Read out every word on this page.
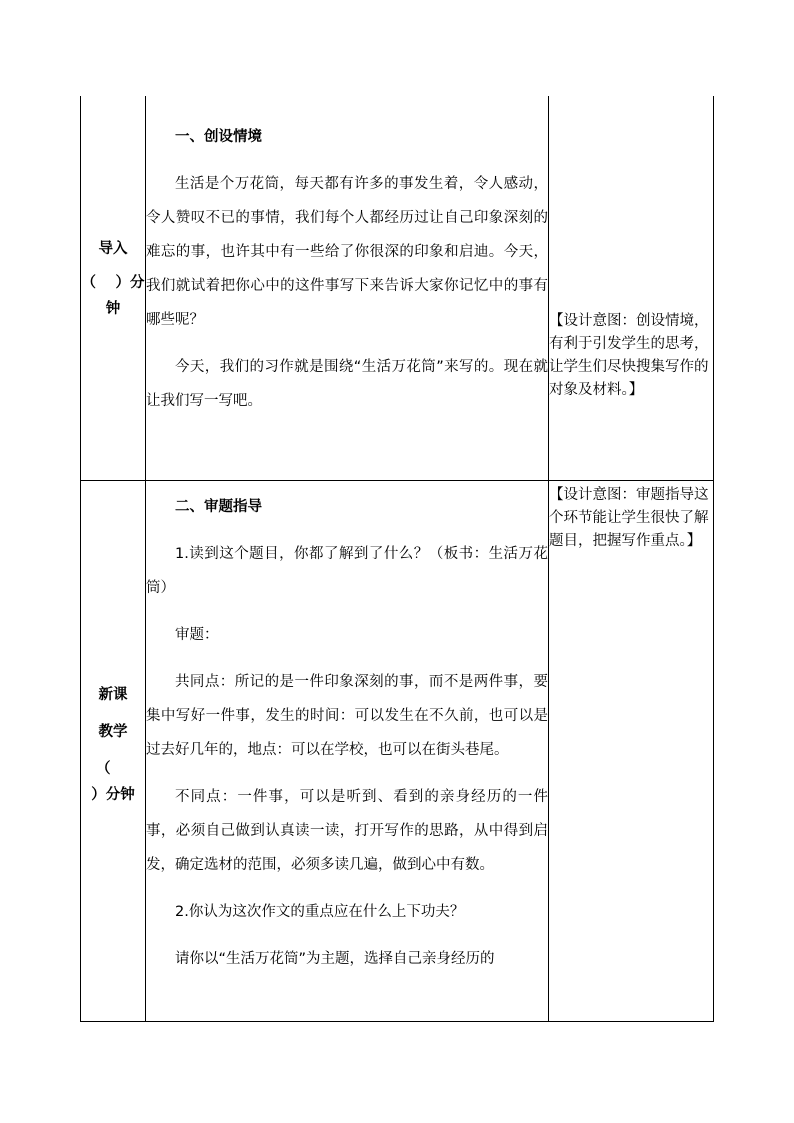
导入
（　 ）分
钟

一、创设情境

生活是个万花筒，每天都有许多的事发生着，令人感动，令人赞叹不已的事情，我们每个人都经历过让自己印象深刻的难忘的事，也许其中有一些给了你很深的印象和启迪。今天，我们就试着把你心中的这件事写下来告诉大家你记忆中的事有哪些呢？

今天，我们的习作就是围绕“生活万花筒”来写的。现在就让我们写一写吧。

【设计意图：创设情境，有利于引发学生的思考，让学生们尽快搜集写作的对象及材料。】
新课
教学
（
）分钟

二、审题指导

1.读到这个题目，你都了解到了什么？（板书：生活万花筒）

审题：

共同点：所记的是一件印象深刻的事，而不是两件事，要集中写好一件事，发生的时间：可以发生在不久前，也可以是过去好几年的，地点：可以在学校，也可以在街头巷尾。

不同点：一件事，可以是听到、看到的亲身经历的一件事，必须自己做到认真读一读，打开写作的思路，从中得到启发，确定选材的范围，必须多读几遍，做到心中有数。

2.你认为这次作文的重点应在什么上下功夫？

请你以“生活万花筒”为主题，选择自己亲身经历的

【设计意图：审题指导这个环节能让学生很快了解题目，把握写作重点。】
